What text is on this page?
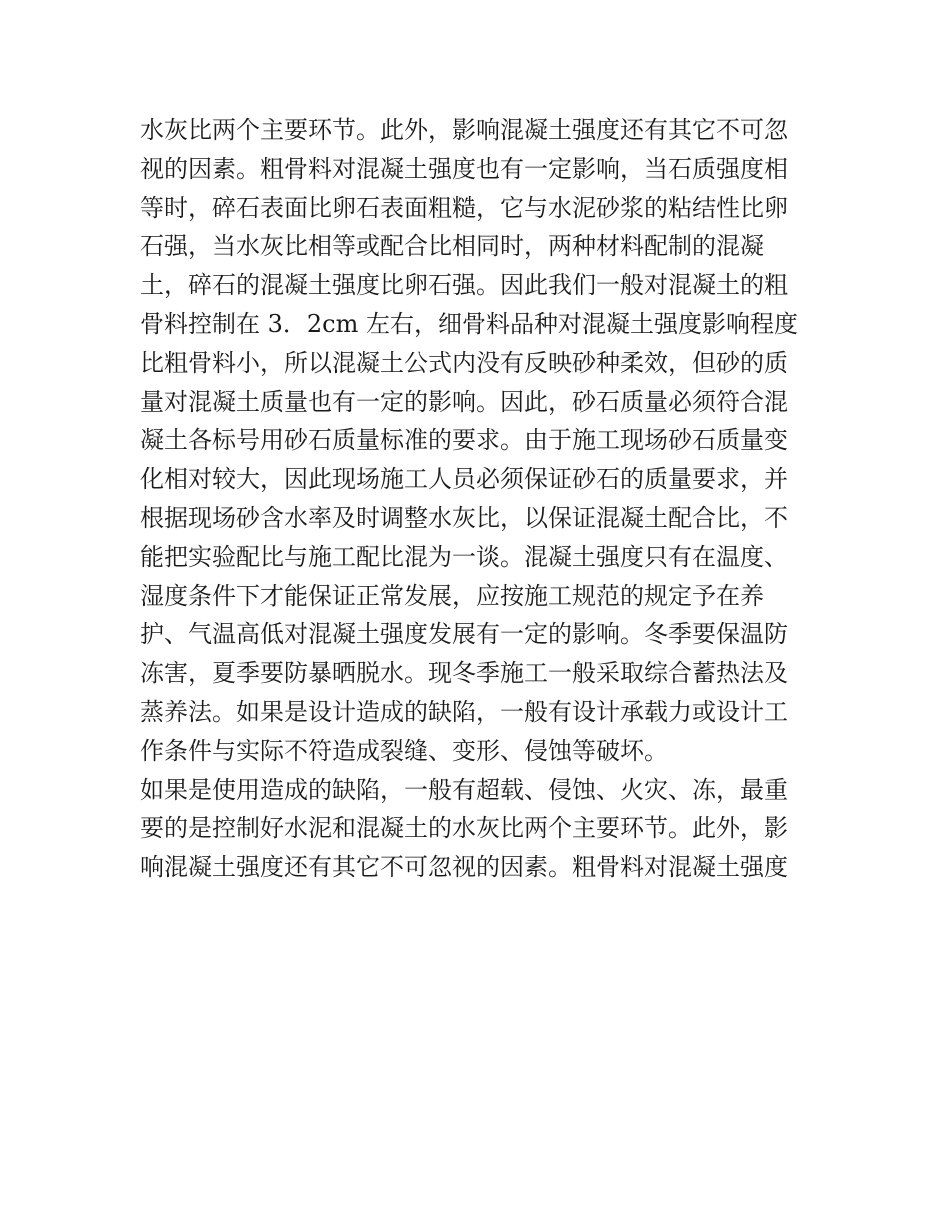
水灰比两个主要环节。此外，影响混凝土强度还有其它不可忽
视的因素。粗骨料对混凝土强度也有一定影响，当石质强度相
等时，碎石表面比卵石表面粗糙，它与水泥砂浆的粘结性比卵
石强，当水灰比相等或配合比相同时，两种材料配制的混凝
土，碎石的混凝土强度比卵石强。因此我们一般对混凝土的粗
骨料控制在 3．2cm 左右，细骨料品种对混凝土强度影响程度
比粗骨料小，所以混凝土公式内没有反映砂种柔效，但砂的质
量对混凝土质量也有一定的影响。因此，砂石质量必须符合混
凝土各标号用砂石质量标准的要求。由于施工现场砂石质量变
化相对较大，因此现场施工人员必须保证砂石的质量要求，并
根据现场砂含水率及时调整水灰比，以保证混凝土配合比，不
能把实验配比与施工配比混为一谈。混凝土强度只有在温度、
湿度条件下才能保证正常发展，应按施工规范的规定予在养
护、气温高低对混凝土强度发展有一定的影响。冬季要保温防
冻害，夏季要防暴晒脱水。现冬季施工一般采取综合蓄热法及
蒸养法。如果是设计造成的缺陷，一般有设计承载力或设计工
作条件与实际不符造成裂缝、变形、侵蚀等破坏。
如果是使用造成的缺陷，一般有超载、侵蚀、火灾、冻，最重
要的是控制好水泥和混凝土的水灰比两个主要环节。此外，影
响混凝土强度还有其它不可忽视的因素。粗骨料对混凝土强度
